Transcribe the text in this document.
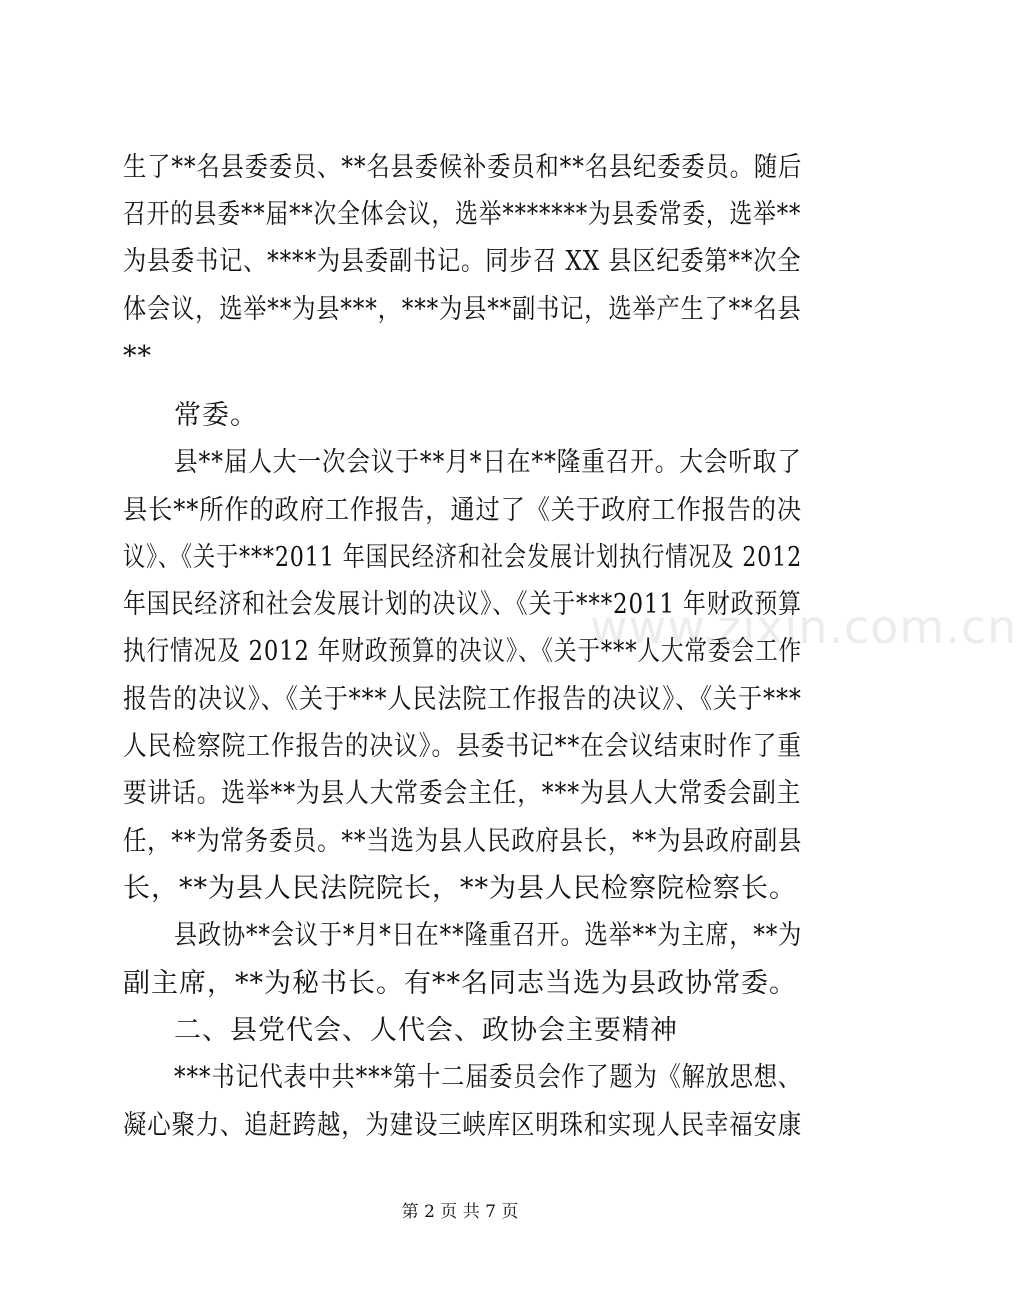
生了**名县委委员、**名县委候补委员和**名县纪委委员。随后
召开的县委**届**次全体会议，选举*******为县委常委，选举**
为县委书记、****为县委副书记。同步召 XX 县区纪委第**次全
体会议，选举**为县***，***为县**副书记，选举产生了**名县
**
常委。
县**届人大一次会议于**月*日在**隆重召开。大会听取了
县长**所作的政府工作报告，通过了《关于政府工作报告的决
议》、《关于***2011 年国民经济和社会发展计划执行情况及 2012
年国民经济和社会发展计划的决议》、《关于***2011 年财政预算
执行情况及 2012 年财政预算的决议》、《关于***人大常委会工作
报告的决议》、《关于***人民法院工作报告的决议》、《关于***
人民检察院工作报告的决议》。县委书记**在会议结束时作了重
要讲话。选举**为县人大常委会主任，***为县人大常委会副主
任，**为常务委员。**当选为县人民政府县长，**为县政府副县
长，**为县人民法院院长，**为县人民检察院检察长。
县政协**会议于*月*日在**隆重召开。选举**为主席，**为
副主席，**为秘书长。有**名同志当选为县政协常委。
二、县党代会、人代会、政协会主要精神
***书记代表中共***第十二届委员会作了题为《解放思想、
凝心聚力、追赶跨越，为建设三峡库区明珠和实现人民幸福安康
www.zixin.com.cn
第 2 页 共 7 页
